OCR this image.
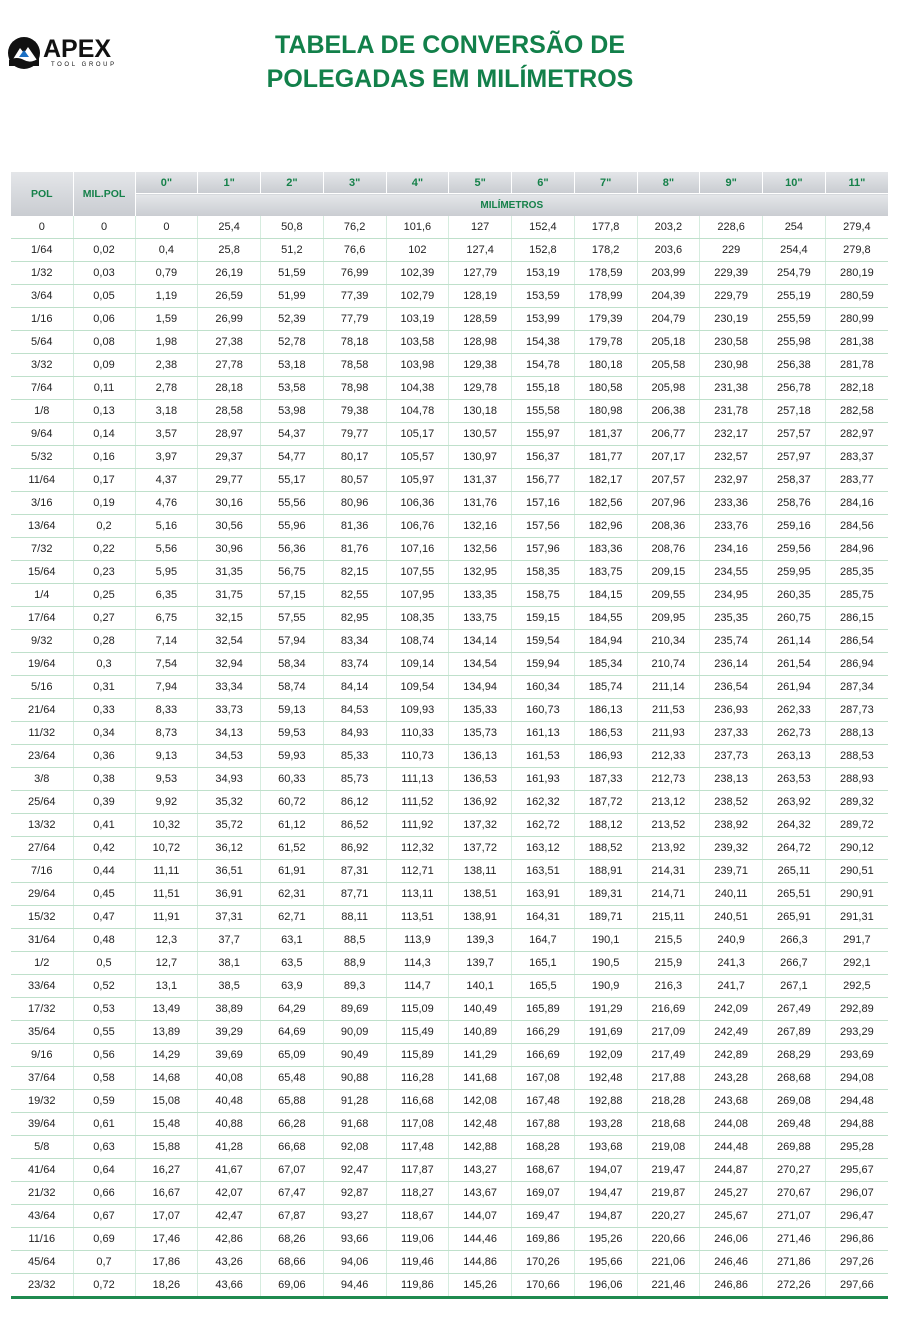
APEX
TOOL GROUP
TABELA DE CONVERSÃO DE
POLEGADAS EM MILÍMETROS
POL	MIL.POL	0"	1"	2"	3"	4"	5"	6"	7"	8"	9"	10"	11"
		MILÍMETROS											
0	0	0	25,4	50,8	76,2	101,6	127	152,4	177,8	203,2	228,6	254	279,4
1/64	0,02	0,4	25,8	51,2	76,6	102	127,4	152,8	178,2	203,6	229	254,4	279,8
1/32	0,03	0,79	26,19	51,59	76,99	102,39	127,79	153,19	178,59	203,99	229,39	254,79	280,19
3/64	0,05	1,19	26,59	51,99	77,39	102,79	128,19	153,59	178,99	204,39	229,79	255,19	280,59
1/16	0,06	1,59	26,99	52,39	77,79	103,19	128,59	153,99	179,39	204,79	230,19	255,59	280,99
5/64	0,08	1,98	27,38	52,78	78,18	103,58	128,98	154,38	179,78	205,18	230,58	255,98	281,38
3/32	0,09	2,38	27,78	53,18	78,58	103,98	129,38	154,78	180,18	205,58	230,98	256,38	281,78
7/64	0,11	2,78	28,18	53,58	78,98	104,38	129,78	155,18	180,58	205,98	231,38	256,78	282,18
1/8	0,13	3,18	28,58	53,98	79,38	104,78	130,18	155,58	180,98	206,38	231,78	257,18	282,58
9/64	0,14	3,57	28,97	54,37	79,77	105,17	130,57	155,97	181,37	206,77	232,17	257,57	282,97
5/32	0,16	3,97	29,37	54,77	80,17	105,57	130,97	156,37	181,77	207,17	232,57	257,97	283,37
11/64	0,17	4,37	29,77	55,17	80,57	105,97	131,37	156,77	182,17	207,57	232,97	258,37	283,77
3/16	0,19	4,76	30,16	55,56	80,96	106,36	131,76	157,16	182,56	207,96	233,36	258,76	284,16
13/64	0,2	5,16	30,56	55,96	81,36	106,76	132,16	157,56	182,96	208,36	233,76	259,16	284,56
7/32	0,22	5,56	30,96	56,36	81,76	107,16	132,56	157,96	183,36	208,76	234,16	259,56	284,96
15/64	0,23	5,95	31,35	56,75	82,15	107,55	132,95	158,35	183,75	209,15	234,55	259,95	285,35
1/4	0,25	6,35	31,75	57,15	82,55	107,95	133,35	158,75	184,15	209,55	234,95	260,35	285,75
17/64	0,27	6,75	32,15	57,55	82,95	108,35	133,75	159,15	184,55	209,95	235,35	260,75	286,15
9/32	0,28	7,14	32,54	57,94	83,34	108,74	134,14	159,54	184,94	210,34	235,74	261,14	286,54
19/64	0,3	7,54	32,94	58,34	83,74	109,14	134,54	159,94	185,34	210,74	236,14	261,54	286,94
5/16	0,31	7,94	33,34	58,74	84,14	109,54	134,94	160,34	185,74	211,14	236,54	261,94	287,34
21/64	0,33	8,33	33,73	59,13	84,53	109,93	135,33	160,73	186,13	211,53	236,93	262,33	287,73
11/32	0,34	8,73	34,13	59,53	84,93	110,33	135,73	161,13	186,53	211,93	237,33	262,73	288,13
23/64	0,36	9,13	34,53	59,93	85,33	110,73	136,13	161,53	186,93	212,33	237,73	263,13	288,53
3/8	0,38	9,53	34,93	60,33	85,73	111,13	136,53	161,93	187,33	212,73	238,13	263,53	288,93
25/64	0,39	9,92	35,32	60,72	86,12	111,52	136,92	162,32	187,72	213,12	238,52	263,92	289,32
13/32	0,41	10,32	35,72	61,12	86,52	111,92	137,32	162,72	188,12	213,52	238,92	264,32	289,72
27/64	0,42	10,72	36,12	61,52	86,92	112,32	137,72	163,12	188,52	213,92	239,32	264,72	290,12
7/16	0,44	11,11	36,51	61,91	87,31	112,71	138,11	163,51	188,91	214,31	239,71	265,11	290,51
29/64	0,45	11,51	36,91	62,31	87,71	113,11	138,51	163,91	189,31	214,71	240,11	265,51	290,91
15/32	0,47	11,91	37,31	62,71	88,11	113,51	138,91	164,31	189,71	215,11	240,51	265,91	291,31
31/64	0,48	12,3	37,7	63,1	88,5	113,9	139,3	164,7	190,1	215,5	240,9	266,3	291,7
1/2	0,5	12,7	38,1	63,5	88,9	114,3	139,7	165,1	190,5	215,9	241,3	266,7	292,1
33/64	0,52	13,1	38,5	63,9	89,3	114,7	140,1	165,5	190,9	216,3	241,7	267,1	292,5
17/32	0,53	13,49	38,89	64,29	89,69	115,09	140,49	165,89	191,29	216,69	242,09	267,49	292,89
35/64	0,55	13,89	39,29	64,69	90,09	115,49	140,89	166,29	191,69	217,09	242,49	267,89	293,29
9/16	0,56	14,29	39,69	65,09	90,49	115,89	141,29	166,69	192,09	217,49	242,89	268,29	293,69
37/64	0,58	14,68	40,08	65,48	90,88	116,28	141,68	167,08	192,48	217,88	243,28	268,68	294,08
19/32	0,59	15,08	40,48	65,88	91,28	116,68	142,08	167,48	192,88	218,28	243,68	269,08	294,48
39/64	0,61	15,48	40,88	66,28	91,68	117,08	142,48	167,88	193,28	218,68	244,08	269,48	294,88
5/8	0,63	15,88	41,28	66,68	92,08	117,48	142,88	168,28	193,68	219,08	244,48	269,88	295,28
41/64	0,64	16,27	41,67	67,07	92,47	117,87	143,27	168,67	194,07	219,47	244,87	270,27	295,67
21/32	0,66	16,67	42,07	67,47	92,87	118,27	143,67	169,07	194,47	219,87	245,27	270,67	296,07
43/64	0,67	17,07	42,47	67,87	93,27	118,67	144,07	169,47	194,87	220,27	245,67	271,07	296,47
11/16	0,69	17,46	42,86	68,26	93,66	119,06	144,46	169,86	195,26	220,66	246,06	271,46	296,86
45/64	0,7	17,86	43,26	68,66	94,06	119,46	144,86	170,26	195,66	221,06	246,46	271,86	297,26
23/32	0,72	18,26	43,66	69,06	94,46	119,86	145,26	170,66	196,06	221,46	246,86	272,26	297,66
